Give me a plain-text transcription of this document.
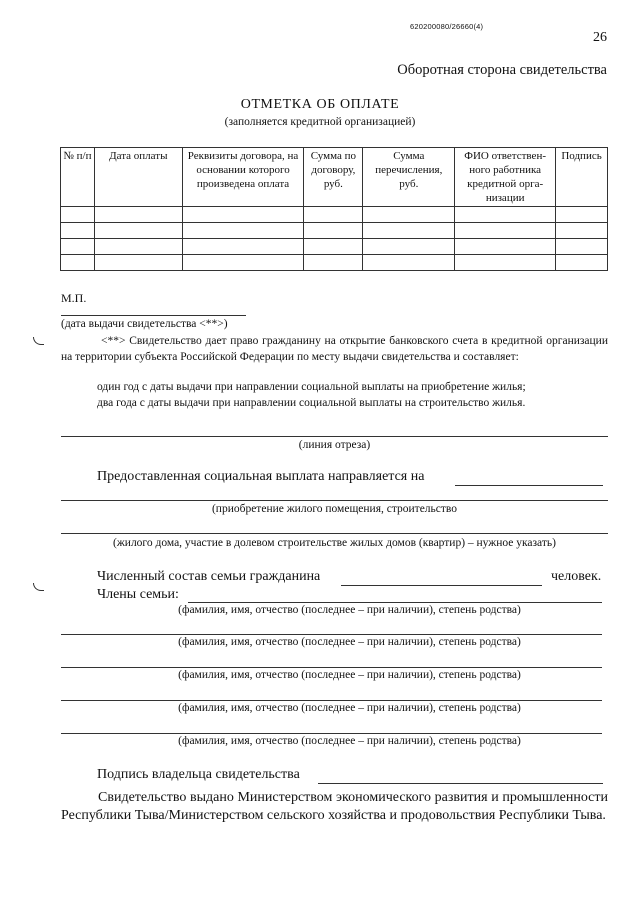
620200080/26660(4)
26
Оборотная сторона свидетельства
ОТМЕТКА ОБ ОПЛАТЕ
(заполняется кредитной организацией)
№ п/п	Дата оплаты	Реквизиты договора, на основании которого произведена оплата	Сумма по договору, руб.	Сумма перечисления, руб.	ФИО ответственного работника кредитной организации	Подпись

М.П.
(дата выдачи свидетельства <**>)
<**> Свидетельство дает право гражданину на открытие банковского счета в кредитной организации на территории субъекта Российской Федерации по месту выдачи свидетельства и составляет:
один год с даты выдачи при направлении социальной выплаты на приобретение жилья;
два года с даты выдачи при направлении социальной выплаты на строительство жилья.
(линия отреза)
Предоставленная социальная выплата направляется на
(приобретение жилого помещения, строительство
(жилого дома, участие в долевом строительстве жилых домов (квартир) – нужное указать)
Численный состав семьи гражданина	человек.
Члены семьи:
(фамилия, имя, отчество (последнее – при наличии), степень родства)
(фамилия, имя, отчество (последнее – при наличии), степень родства)
(фамилия, имя, отчество (последнее – при наличии), степень родства)
(фамилия, имя, отчество (последнее – при наличии), степень родства)
(фамилия, имя, отчество (последнее – при наличии), степень родства)
Подпись владельца свидетельства
Свидетельство выдано Министерством экономического развития и промышленности Республики Тыва/Министерством сельского хозяйства и продовольствия Республики Тыва.
